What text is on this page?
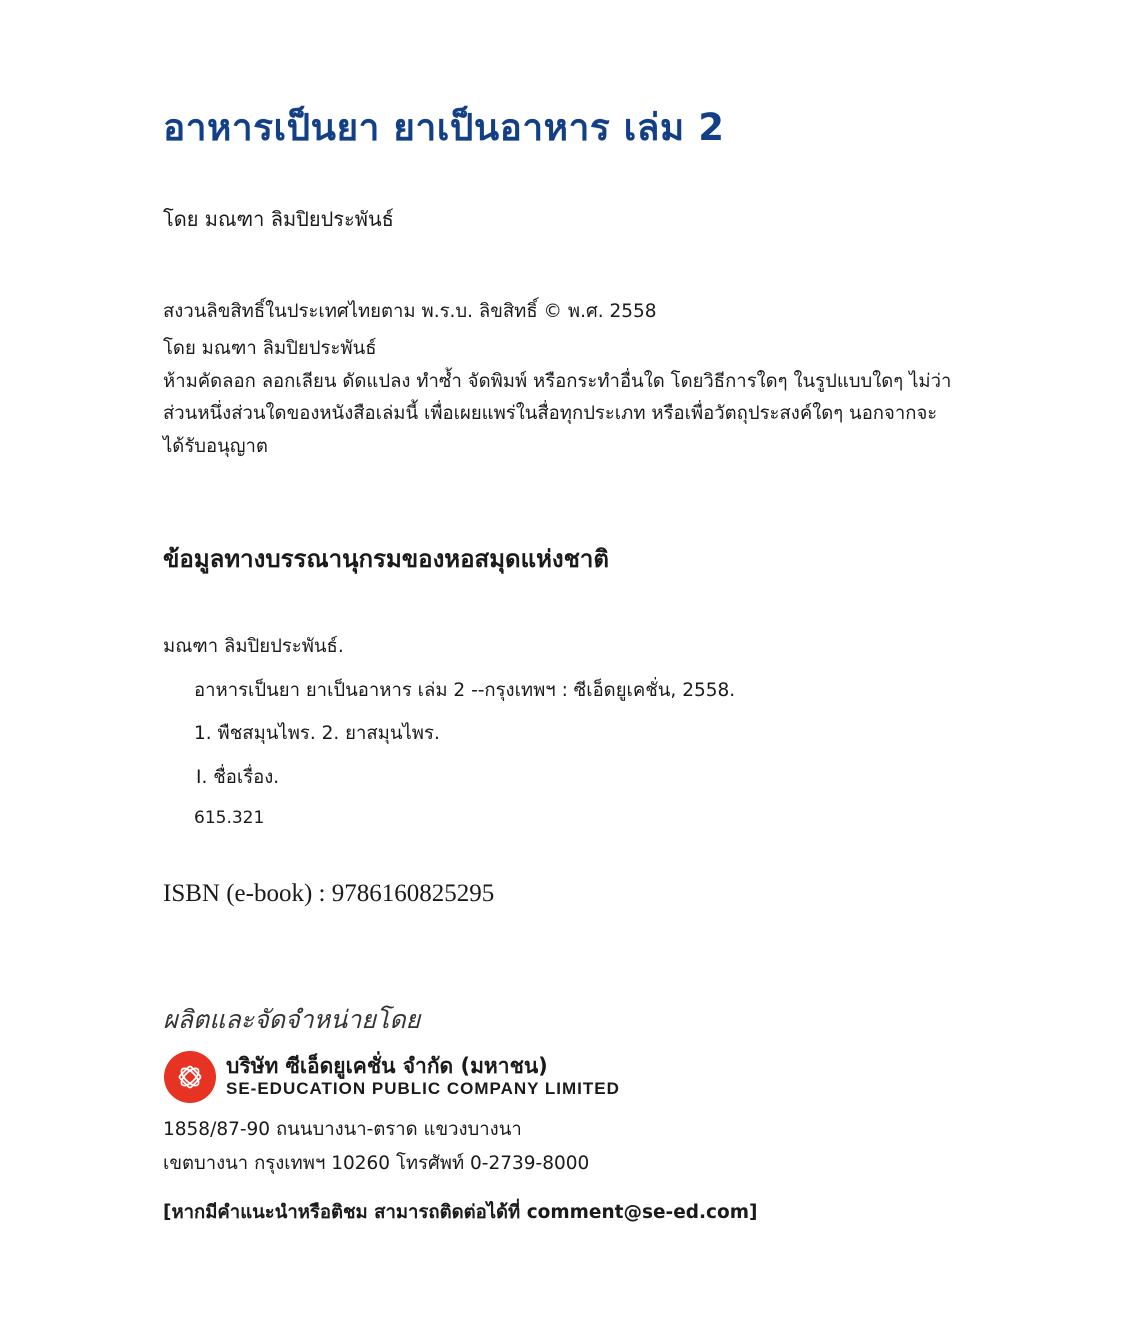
อาหารเป็นยา ยาเป็นอาหาร เล่ม 2
โดย มณฑา ลิมปิยประพันธ์
สงวนลิขสิทธิ์ในประเทศไทยตาม พ.ร.บ. ลิขสิทธิ์ © พ.ศ. 2558
โดย มณฑา ลิมปิยประพันธ์
ห้ามคัดลอก ลอกเลียน ดัดแปลง ทำซ้ำ จัดพิมพ์ หรือกระทำอื่นใด โดยวิธีการใดๆ ในรูปแบบใดๆ ไม่ว่า
ส่วนหนึ่งส่วนใดของหนังสือเล่มนี้ เพื่อเผยแพร่ในสื่อทุกประเภท หรือเพื่อวัตถุประสงค์ใดๆ นอกจากจะ
ได้รับอนุญาต
ข้อมูลทางบรรณานุกรมของหอสมุดแห่งชาติ
มณฑา ลิมปิยประพันธ์.
อาหารเป็นยา ยาเป็นอาหาร เล่ม 2 --กรุงเทพฯ : ซีเอ็ดยูเคชั่น, 2558.
1. พืชสมุนไพร. 2. ยาสมุนไพร.
I. ชื่อเรื่อง.
615.321
ISBN (e-book) : 9786160825295
ผลิตและจัดจำหน่ายโดย
บริษัท ซีเอ็ดยูเคชั่น จำกัด (มหาชน)
SE-EDUCATION PUBLIC COMPANY LIMITED
1858/87-90 ถนนบางนา-ตราด แขวงบางนา
เขตบางนา กรุงเทพฯ 10260 โทรศัพท์ 0-2739-8000
[หากมีคำแนะนำหรือติชม สามารถติดต่อได้ที่ comment@se-ed.com]
